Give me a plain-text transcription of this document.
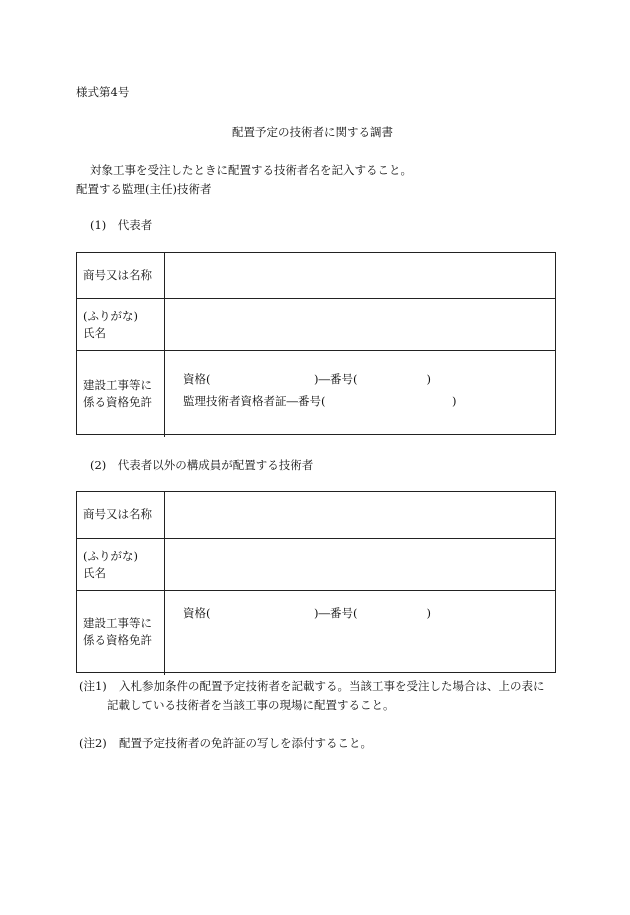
様式第4号
配置予定の技術者に関する調書
対象工事を受注したときに配置する技術者名を記入すること。
配置する監理(主任)技術者
(1)　代表者
商号又は名称
(ふりがな)
氏名
建設工事等に
係る資格免許
資格(　　　　　　　　　)―番号(　　　　　　)
監理技術者資格者証―番号(　　　　　　　　　　　)
(2)　代表者以外の構成員が配置する技術者
商号又は名称
(ふりがな)
氏名
建設工事等に
係る資格免許
資格(　　　　　　　　　)―番号(　　　　　　)
(注1) 入札参加条件の配置予定技術者を記載する。当該工事を受注した場合は、上の表に
記載している技術者を当該工事の現場に配置すること。
(注2) 配置予定技術者の免許証の写しを添付すること。
